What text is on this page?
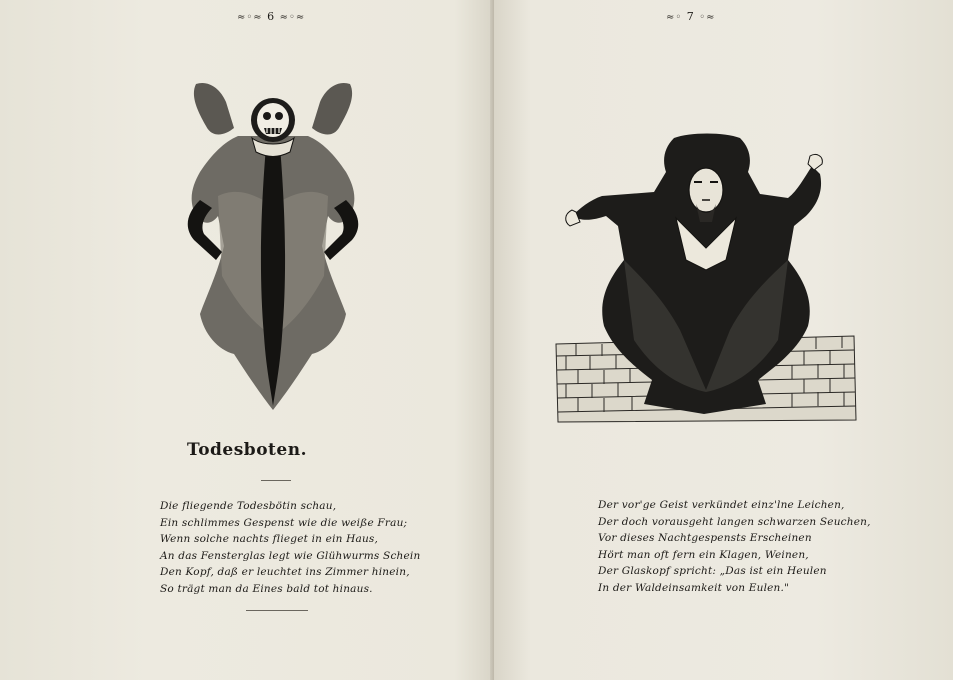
≈◦≈ 6 ≈◦≈
Todesboten.
Die fliegende Todesbötin schau,
Ein schlimmes Gespenst wie die weiße Frau;
Wenn solche nachts flieget in ein Haus,
An das Fensterglas legt wie Glühwurms Schein
Den Kopf, daß er leuchtet ins Zimmer hinein,
So trägt man da Eines bald tot hinaus.
≈◦ 7 ◦≈
Der vor'ge Geist verkündet einz'lne Leichen,
Der doch vorausgeht langen schwarzen Seuchen,
Vor dieses Nachtgespensts Erscheinen
Hört man oft fern ein Klagen, Weinen,
Der Glaskopf spricht: „Das ist ein Heulen
In der Waldeinsamkeit von Eulen."
